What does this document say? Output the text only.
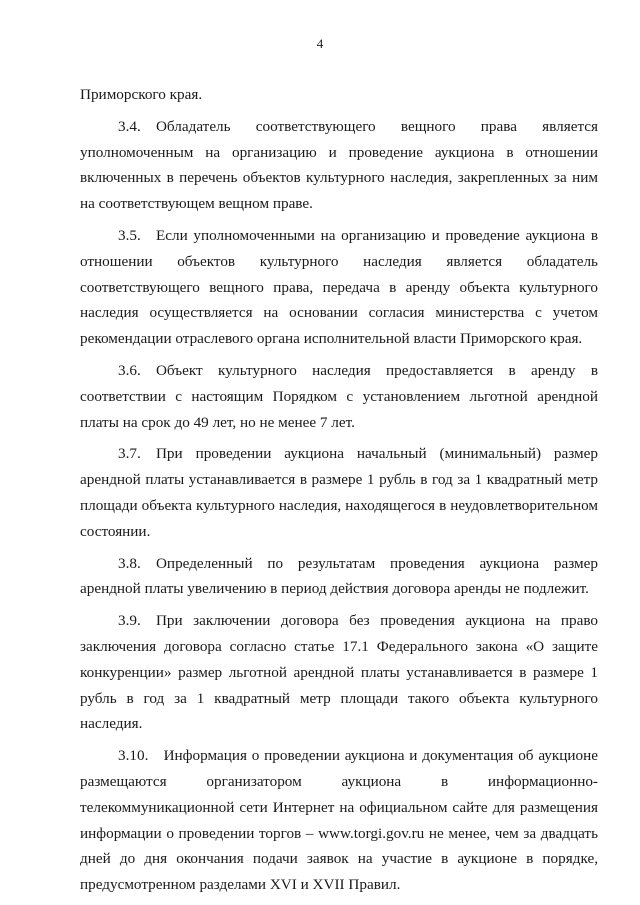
4

Приморского края.

3.4. Обладатель соответствующего вещного права является уполномоченным на организацию и проведение аукциона в отношении включенных в перечень объектов культурного наследия, закрепленных за ним на соответствующем вещном праве.

3.5. Если уполномоченными на организацию и проведение аукциона в отношении объектов культурного наследия является обладатель соответствующего вещного права, передача в аренду объекта культурного наследия осуществляется на основании согласия министерства с учетом рекомендации отраслевого органа исполнительной власти Приморского края.

3.6. Объект культурного наследия предоставляется в аренду в соответствии с настоящим Порядком с установлением льготной арендной платы на срок до 49 лет, но не менее 7 лет.

3.7. При проведении аукциона начальный (минимальный) размер арендной платы устанавливается в размере 1 рубль в год за 1 квадратный метр площади объекта культурного наследия, находящегося в неудовлетворительном состоянии.

3.8. Определенный по результатам проведения аукциона размер арендной платы увеличению в период действия договора аренды не подлежит.

3.9. При заключении договора без проведения аукциона на право заключения договора согласно статье 17.1 Федерального закона «О защите конкуренции» размер льготной арендной платы устанавливается в размере 1 рубль в год за 1 квадратный метр площади такого объекта культурного наследия.

3.10. Информация о проведении аукциона и документация об аукционе размещаются организатором аукциона в информационно-телекоммуникационной сети Интернет на официальном сайте для размещения информации о проведении торгов – www.torgi.gov.ru не менее, чем за двадцать дней до дня окончания подачи заявок на участие в аукционе в порядке, предусмотренном разделами XVI и XVII Правил.
